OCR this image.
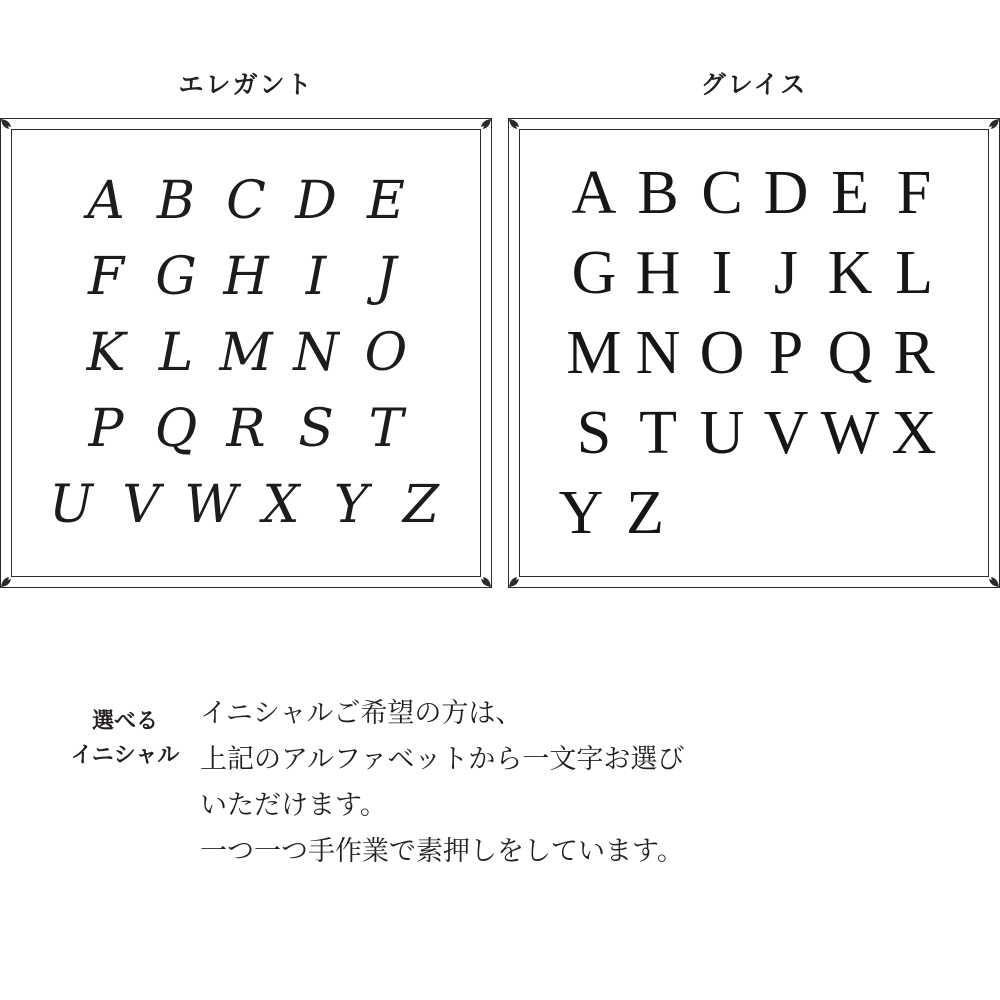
エレガント
A B C D E
F G H I J
K L M N O
P Q R S T
U V W X Y Z
グレイス
A B C D E F
G H I J K L
M N O P Q R
S T U V W X
Y Z
選べる
イニシャル

イニシャルご希望の方は、

上記のアルファベットから一文字お選び

いただけます。

一つ一つ手作業で素押しをしています。
